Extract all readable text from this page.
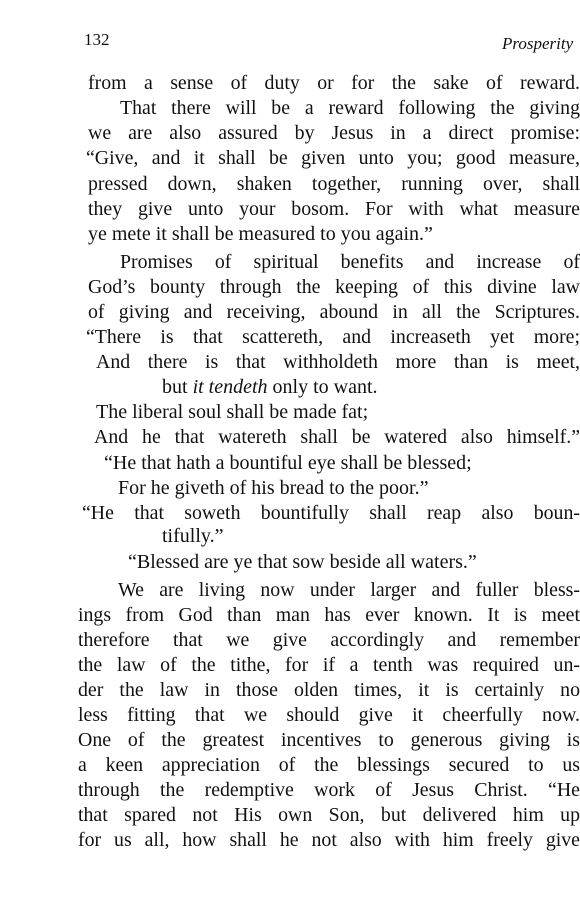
132	Prosperity
from a sense of duty or for the sake of reward.
That there will be a reward following the giving
we are also assured by Jesus in a direct promise:
“Give, and it shall be given unto you; good measure,
pressed down, shaken together, running over, shall
they give unto your bosom. For with what measure
ye mete it shall be measured to you again.”
Promises of spiritual benefits and increase of
God’s bounty through the keeping of this divine law
of giving and receiving, abound in all the Scriptures.
“There is that scattereth, and increaseth yet more;
And there is that withholdeth more than is meet,
but it tendeth only to want.
The liberal soul shall be made fat;
And he that watereth shall be watered also himself.”
“He that hath a bountiful eye shall be blessed;
For he giveth of his bread to the poor.”
“He that soweth bountifully shall reap also boun-
tifully.”
“Blessed are ye that sow beside all waters.”
We are living now under larger and fuller bless-
ings from God than man has ever known. It is meet
therefore that we give accordingly and remember
the law of the tithe, for if a tenth was required un-
der the law in those olden times, it is certainly no
less fitting that we should give it cheerfully now.
One of the greatest incentives to generous giving is
a keen appreciation of the blessings secured to us
through the redemptive work of Jesus Christ. “He
that spared not His own Son, but delivered him up
for us all, how shall he not also with him freely give
